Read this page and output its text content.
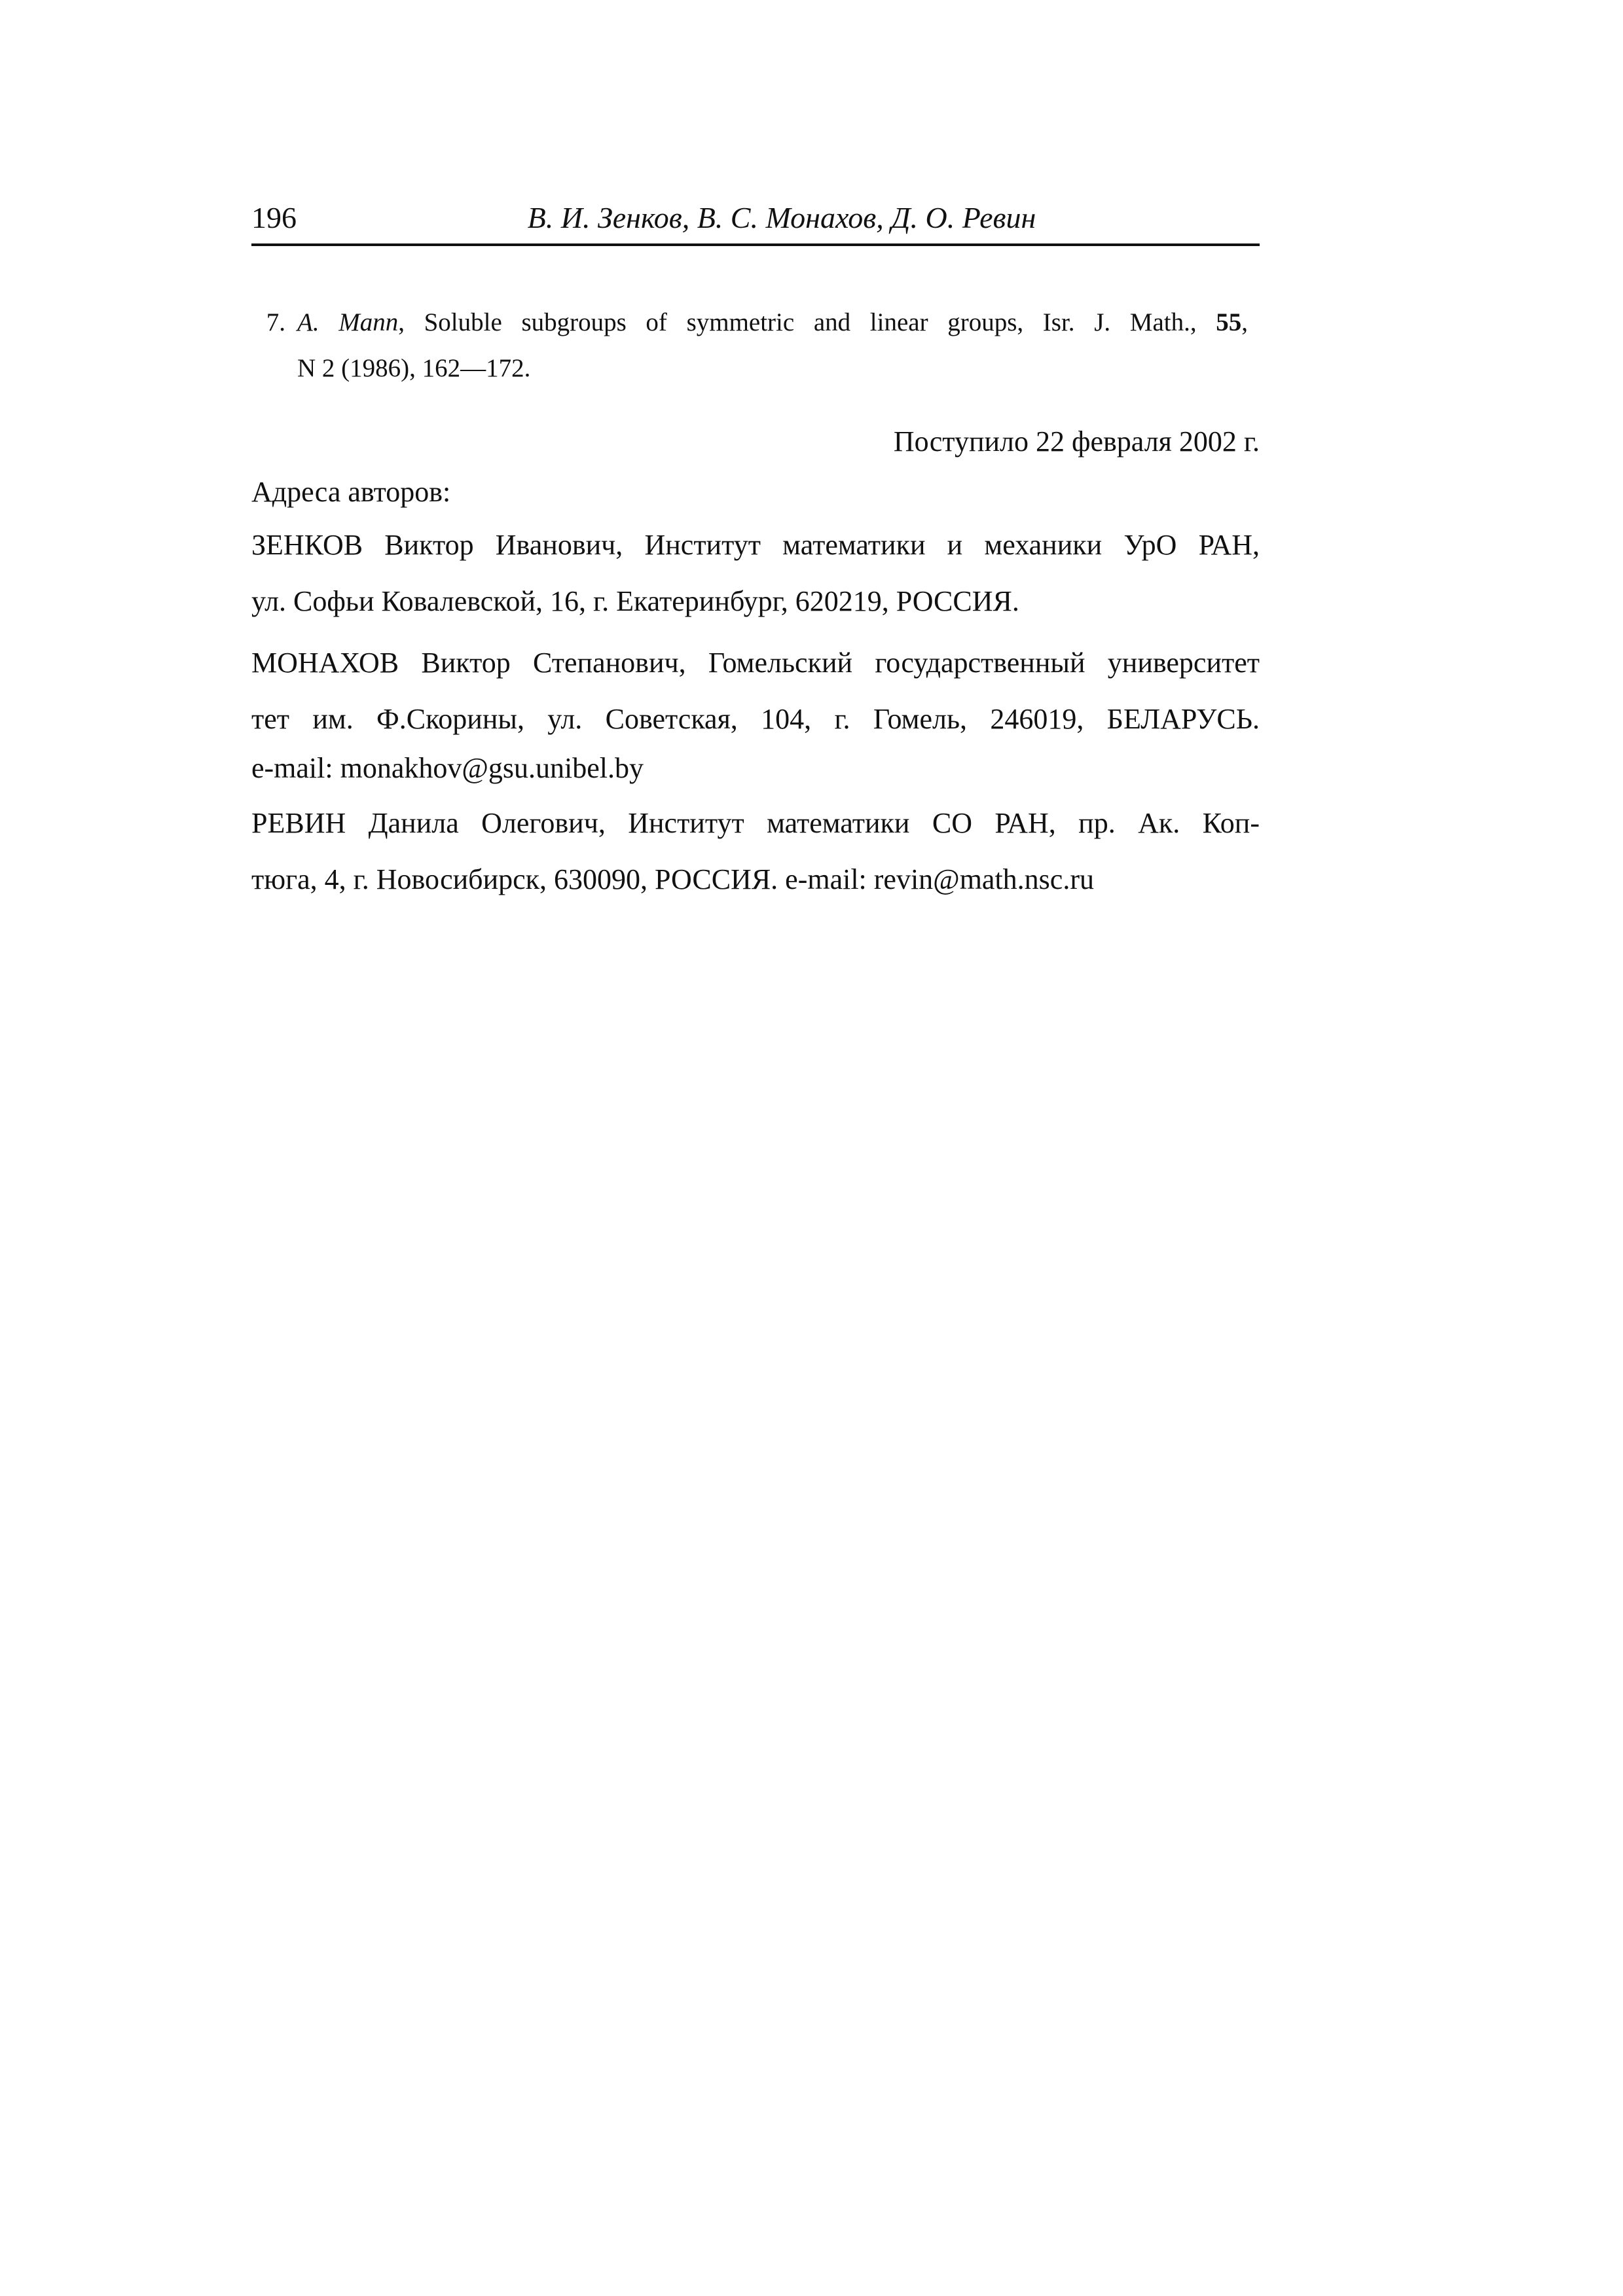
196	В. И. Зенков, В. С. Монахов, Д. О. Ревин
7. A. Mann, Soluble subgroups of symmetric and linear groups, Isr. J. Math., 55,
N 2 (1986), 162—172.
Поступило 22 февраля 2002 г.
Адреса авторов:
ЗЕНКОВ Виктор Иванович, Институт математики и механики УрО РАН,
ул. Софьи Ковалевской, 16, г. Екатеринбург, 620219, РОССИЯ.
МОНАХОВ Виктор Степанович, Гомельский государственный университет
тет им. Ф.Скорины, ул. Советская, 104, г. Гомель, 246019, БЕЛАРУСЬ.
e-mail: monakhov@gsu.unibel.by
РЕВИН Данила Олегович, Институт математики СО РАН, пр. Ак. Коп-
тюга, 4, г. Новосибирск, 630090, РОССИЯ. e-mail: revin@math.nsc.ru
